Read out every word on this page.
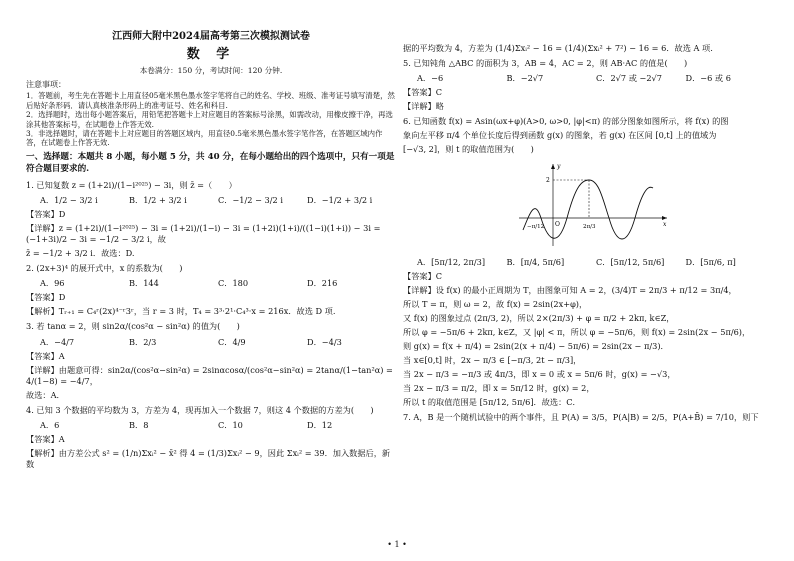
江西师大附中2024届高考第三次模拟测试卷
数 学
本卷满分：150 分，考试时间：120 分钟.
注意事项：
1．答题前，考生先在答题卡上用直径05毫米黑色墨水签字笔将自己的姓名、学校、班级、准考证号填写清楚，然后贴好条形码．请认真核准条形码上的准考证号、姓名和科目.
2．选择题时，选出每小题答案后，用铅笔把答题卡上对应题目的答案标号涂黑，如需改动，用橡皮擦干净，再选涂其他答案标号，在试题卷上作答无效.
3．非选择题时，请在答题卡上对应题目的答题区域内，用直径0.5毫米黑色墨水签字笔作答，在答题区域内作答，在试题卷上作答无效.
一、选择题：本题共 8 小题，每小题 5 分，共 40 分，在每小题给出的四个选项中，只有一项是符合题目要求的.
1. 已知复数 z = (1+2i)/(1−i²⁰²⁵) − 3i，则 z̄ =（　　）
A．1/2 − 3/2 i	B．1/2 + 3/2 i	C．−1/2 − 3/2 i	D．−1/2 + 3/2 i
【答案】D
【详解】z = (1+2i)/(1−i²⁰²⁵) − 3i = (1+2i)/(1−i) − 3i = (1+2i)(1+i)/((1−i)(1+i)) − 3i = (−1+3i)/2 − 3i = −1/2 − 3/2 i，故
z̄ = −1/2 + 3/2 i．故选：D.
2. (2x+3)⁴ 的展开式中，x 的系数为(　　)
A．96	B．144	C．180	D．216
【答案】D
【解析】Tᵣ₊₁ = C₄ʳ(2x)⁴⁻ʳ3ʳ，当 r = 3 时，T₄ = 3³·2¹·C₄³·x = 216x．故选 D 项.
3. 若 tanα = 2，则 sin2α/(cos²α − sin²α) 的值为(　　)
A．−4/7	B．2/3	C．4/9	D．−4/3
【答案】A
【详解】由题意可得：sin2α/(cos²α−sin²α) = 2sinαcosα/(cos²α−sin²α) = 2tanα/(1−tan²α) = 4/(1−8) = −4/7，
故选：A．
4. 已知 3 个数据的平均数为 3，方差为 4，现再加入一个数据 7，则这 4 个数据的方差为(　　)
A．6	B．8	C．10	D．12
【答案】A
【解析】由方差公式 s² = (1/n)Σxᵢ² − x̄² 得 4 = (1/3)Σxᵢ² − 9，因此 Σxᵢ² = 39．加入数据后，新数
据的平均数为 4，方差为 (1/4)Σxᵢ² − 16 = (1/4)(Σxᵢ² + 7²) − 16 = 6．故选 A 项.
5. 已知钝角 △ABC 的面积为 3，AB = 4，AC = 2，则 AB·AC 的值是(　　)
A．−6	B．−2√7	C．2√7 或 −2√7	D．−6 或 6
【答案】C
【详解】略
6. 已知函数 f(x) = Asin(ωx+φ)(A>0, ω>0, |φ|<π) 的部分图象如图所示，将 f(x) 的图
象向左平移 π/4 个单位长度后得到函数 g(x) 的图象，若 g(x) 在区间 [0,t] 上的值域为
[−√3, 2]，则 t 的取值范围为(　　)
y
x
2
O
−π/12	2π/3
A．[5π/12, 2π/3]	B．[π/4, 5π/6]	C．[5π/12, 5π/6]	D．[5π/6, π]
【答案】C
【详解】设 f(x) 的最小正周期为 T，由图象可知 A = 2，(3/4)T = 2π/3 + π/12 = 3π/4，
所以 T = π，则 ω = 2，故 f(x) = 2sin(2x+φ)，
又 f(x) 的图象过点 (2π/3, 2)，所以 2×(2π/3) + φ = π/2 + 2kπ, k∈Z，
所以 φ = −5π/6 + 2kπ, k∈Z，又 |φ| < π，所以 φ = −5π/6，则 f(x) = 2sin(2x − 5π/6)，
则 g(x) = f(x + π/4) = 2sin(2(x + π/4) − 5π/6) = 2sin(2x − π/3)．
当 x∈[0,t] 时，2x − π/3 ∈ [−π/3, 2t − π/3]，
当 2x − π/3 = −π/3 或 4π/3，即 x = 0 或 x = 5π/6 时，g(x) = −√3，
当 2x − π/3 = π/2，即 x = 5π/12 时，g(x) = 2，
所以 t 的取值范围是 [5π/12, 5π/6]．故选：C．
7. A，B 是一个随机试验中的两个事件，且 P(A) = 3/5，P(A|B) = 2/5，P(A+B̄) = 7/10，则下
• 1 •
